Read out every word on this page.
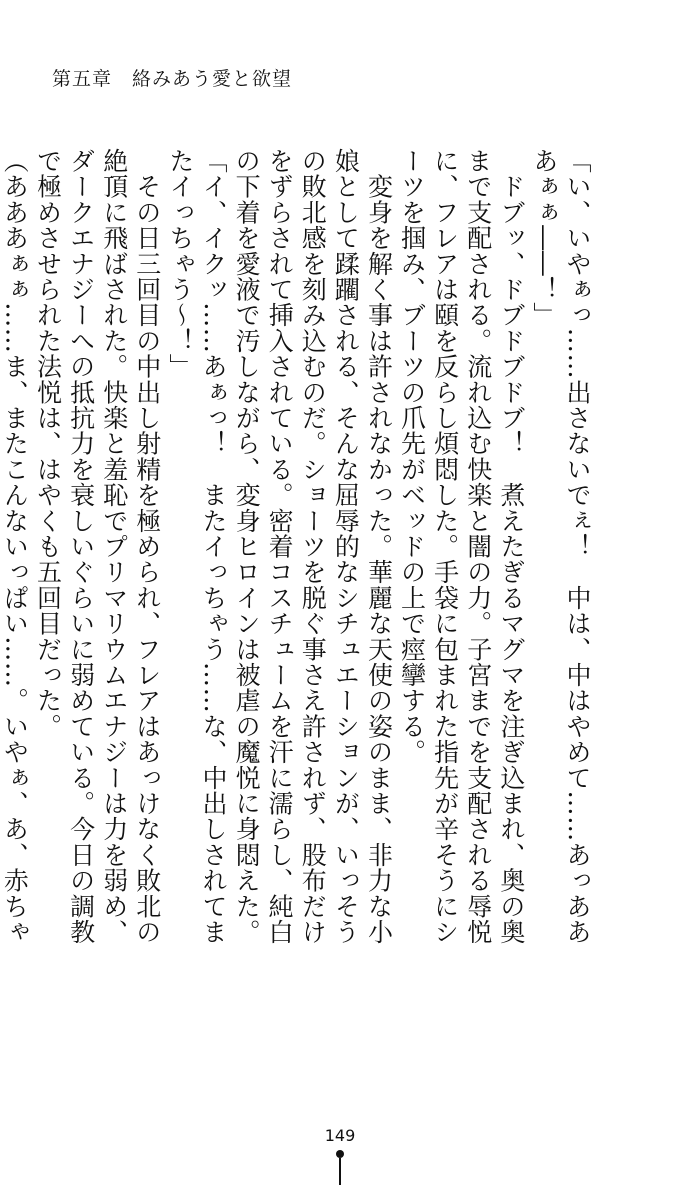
第五章 絡みあう愛と欲望

「い、いやぁっ……出さないでぇ！　中は、中はやめて……あっあああぁぁ――！」

　ドブッ、ドブドブドブ！　煮えたぎるマグマを注ぎ込まれ、奥の奥まで支配される。流れ込む快楽と闇の力。子宮までを支配される辱悦に、フレアは頤を反らし煩悶した。手袋に包まれた指先が辛そうにシーツを掴み、ブーツの爪先がベッドの上で痙攣する。

　変身を解く事は許されなかった。華麗な天使の姿のまま、非力な小娘として蹂躙される、そんな屈辱的なシチュエーションが、いっそうの敗北感を刻み込むのだ。ショーツを脱ぐ事さえ許されず、股布だけをずらされて挿入されている。密着コスチュームを汗に濡らし、純白の下着を愛液で汚しながら、変身ヒロインは被虐の魔悦に身悶えた。

「イ、イクッ……あぁっ！　またイっちゃう……な、中出しされてまたイっちゃう～！」

　その日三回目の中出し射精を極められ、フレアはあっけなく敗北の絶頂に飛ばされた。快楽と羞恥でプリマリウムエナジーは力を弱め、ダークエナジーへの抵抗力を衰しいぐらいに弱めている。今日の調教で極めさせられた法悦は、はやくも五回目だった。

（あああぁぁ……ま、またこんないっぱい……。いやぁ、あ、赤ちゃ

149
